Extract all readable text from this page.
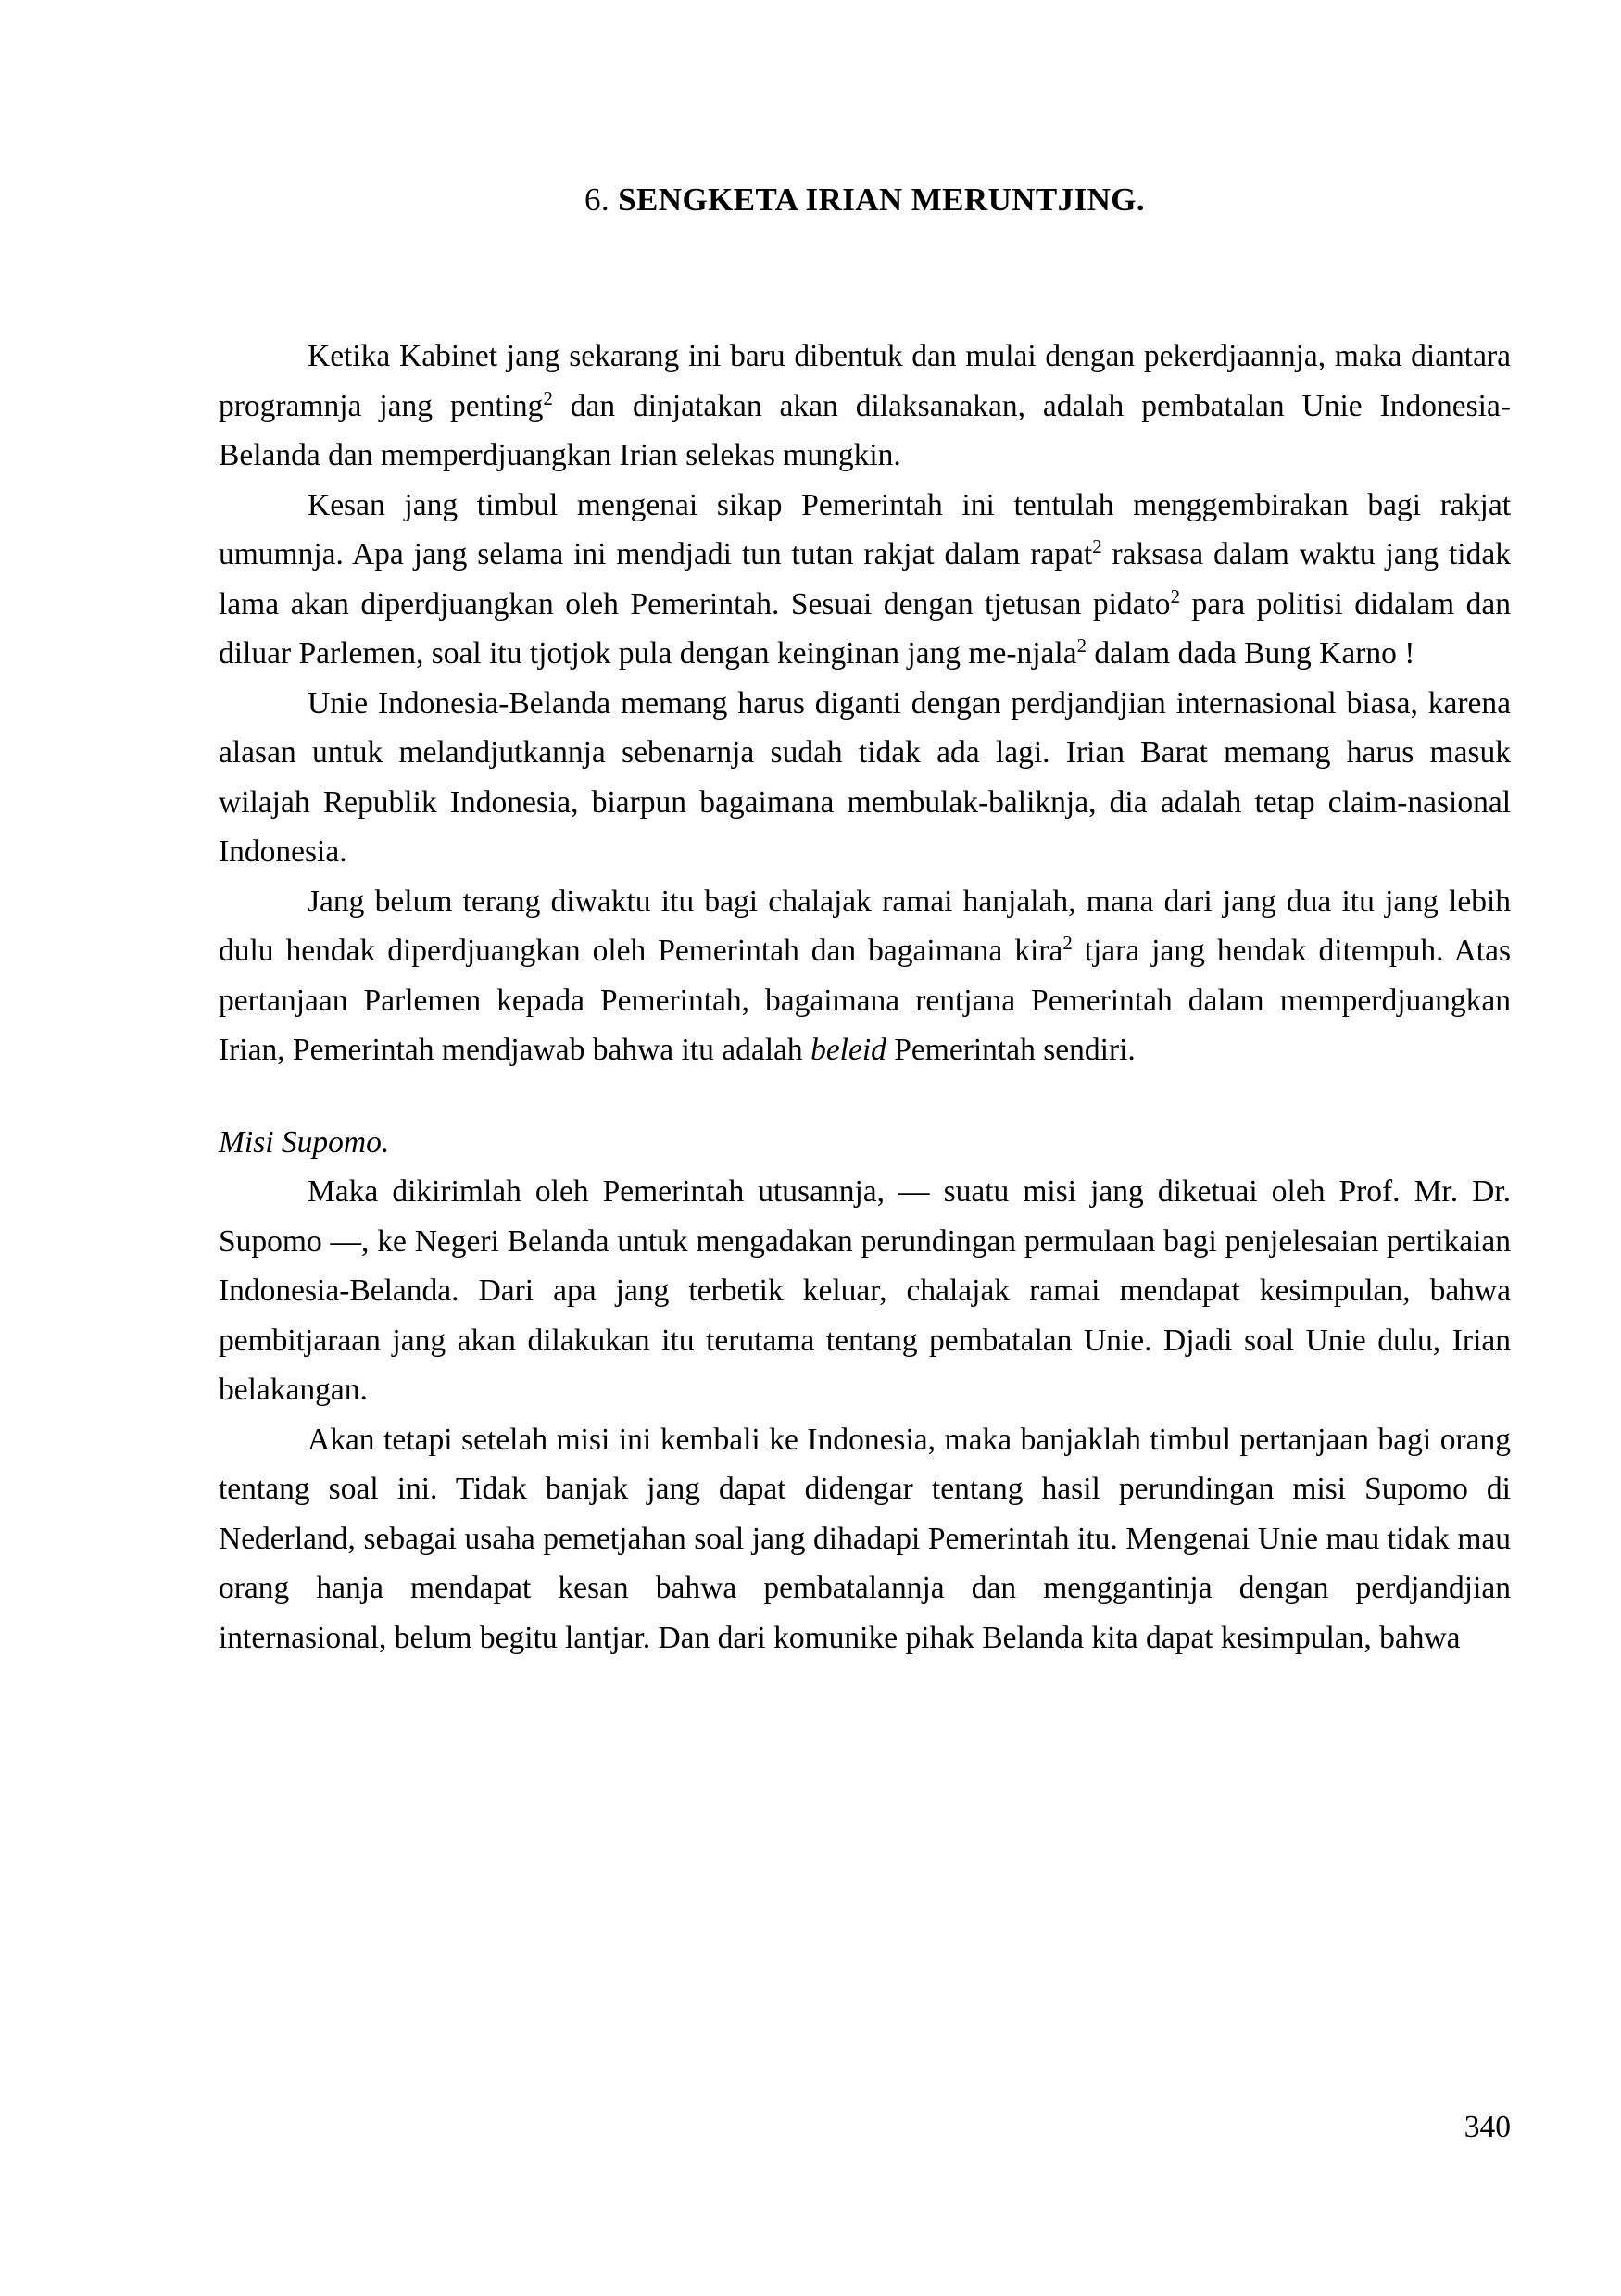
6. SENGKETA IRIAN MERUNTJING.

Ketika Kabinet jang sekarang ini baru dibentuk dan mulai dengan pekerdjaannja, maka diantara programnja jang penting$^2$ dan dinjatakan akan dilaksanakan, adalah pembatalan Unie Indonesia-Belanda dan memperdjuangkan Irian selekas mungkin.

Kesan jang timbul mengenai sikap Pemerintah ini tentulah menggembirakan bagi rakjat umumnja. Apa jang selama ini mendjadi tun tutan rakjat dalam rapat$^2$ raksasa dalam waktu jang tidak lama akan diperdjuangkan oleh Pemerintah. Sesuai dengan tjetusan pidato$^2$ para politisi didalam dan diluar Parlemen, soal itu tjotjok pula dengan keinginan jang me-njala$^2$ dalam dada Bung Karno !

Unie Indonesia-Belanda memang harus diganti dengan perdjandjian internasional biasa, karena alasan untuk melandjutkannja sebenarnja sudah tidak ada lagi. Irian Barat memang harus masuk wilajah Republik Indonesia, biarpun bagaimana membulak-baliknja, dia adalah tetap claim-nasional Indonesia.

Jang belum terang diwaktu itu bagi chalajak ramai hanjalah, mana dari jang dua itu jang lebih dulu hendak diperdjuangkan oleh Pemerintah dan bagaimana kira$^2$ tjara jang hendak ditempuh. Atas pertanjaan Parlemen kepada Pemerintah, bagaimana rentjana Pemerintah dalam memperdjuangkan Irian, Pemerintah mendjawab bahwa itu adalah beleid Pemerintah sendiri.

Misi Supomo.

Maka dikirimlah oleh Pemerintah utusannja, — suatu misi jang diketuai oleh Prof. Mr. Dr. Supomo —, ke Negeri Belanda untuk mengadakan perundingan permulaan bagi penjelesaian pertikaian Indonesia-Belanda. Dari apa jang terbetik keluar, chalajak ramai mendapat kesimpulan, bahwa pembitjaraan jang akan dilakukan itu terutama tentang pembatalan Unie. Djadi soal Unie dulu, Irian belakangan.

Akan tetapi setelah misi ini kembali ke Indonesia, maka banjaklah timbul pertanjaan bagi orang tentang soal ini. Tidak banjak jang dapat didengar tentang hasil perundingan misi Supomo di Nederland, sebagai usaha pemetjahan soal jang dihadapi Pemerintah itu. Mengenai Unie mau tidak mau orang hanja mendapat kesan bahwa pembatalannja dan menggantinja dengan perdjandjian internasional, belum begitu lantjar. Dan dari komunike pihak Belanda kita dapat kesimpulan, bahwa

340
